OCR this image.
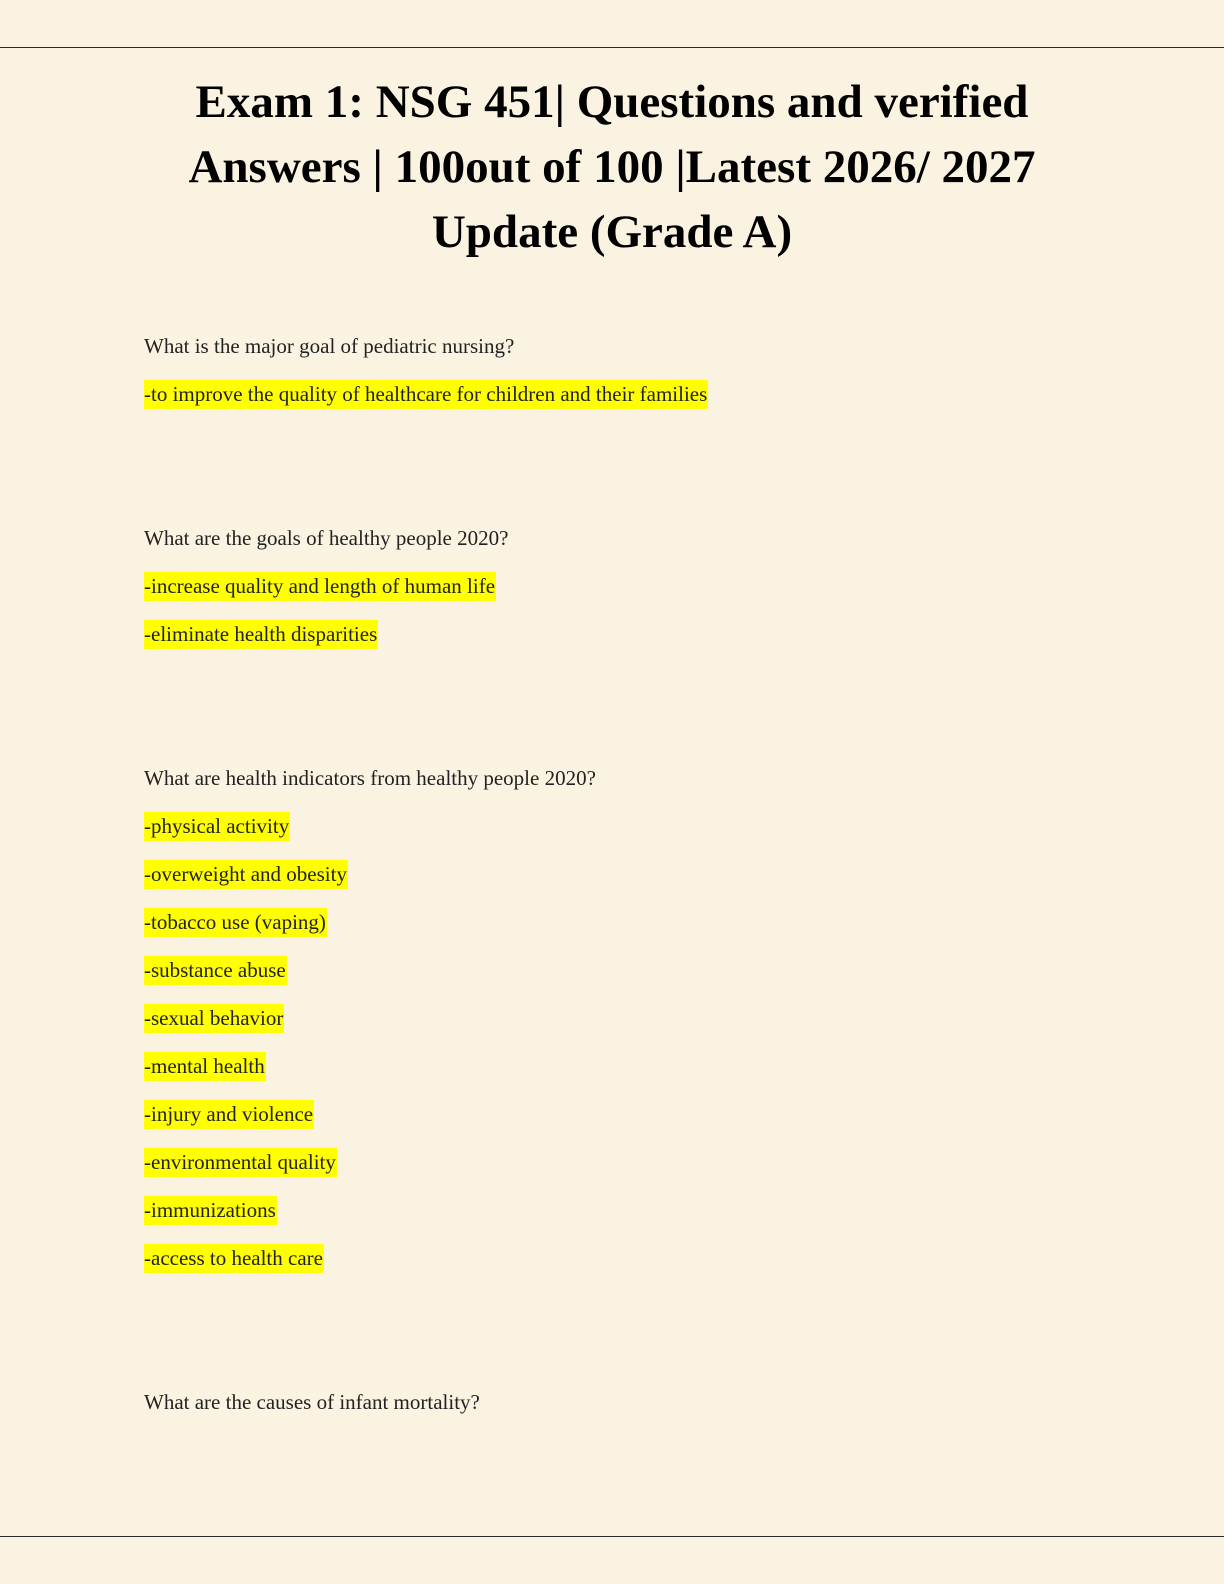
Exam 1: NSG 451| Questions and verified
Answers | 100out of 100 |Latest 2026/ 2027
Update (Grade A)

What is the major goal of pediatric nursing?

-to improve the quality of healthcare for children and their families

What are the goals of healthy people 2020?

-increase quality and length of human life

-eliminate health disparities

What are health indicators from healthy people 2020?

-physical activity

-overweight and obesity

-tobacco use (vaping)

-substance abuse

-sexual behavior

-mental health

-injury and violence

-environmental quality

-immunizations

-access to health care

What are the causes of infant mortality?
